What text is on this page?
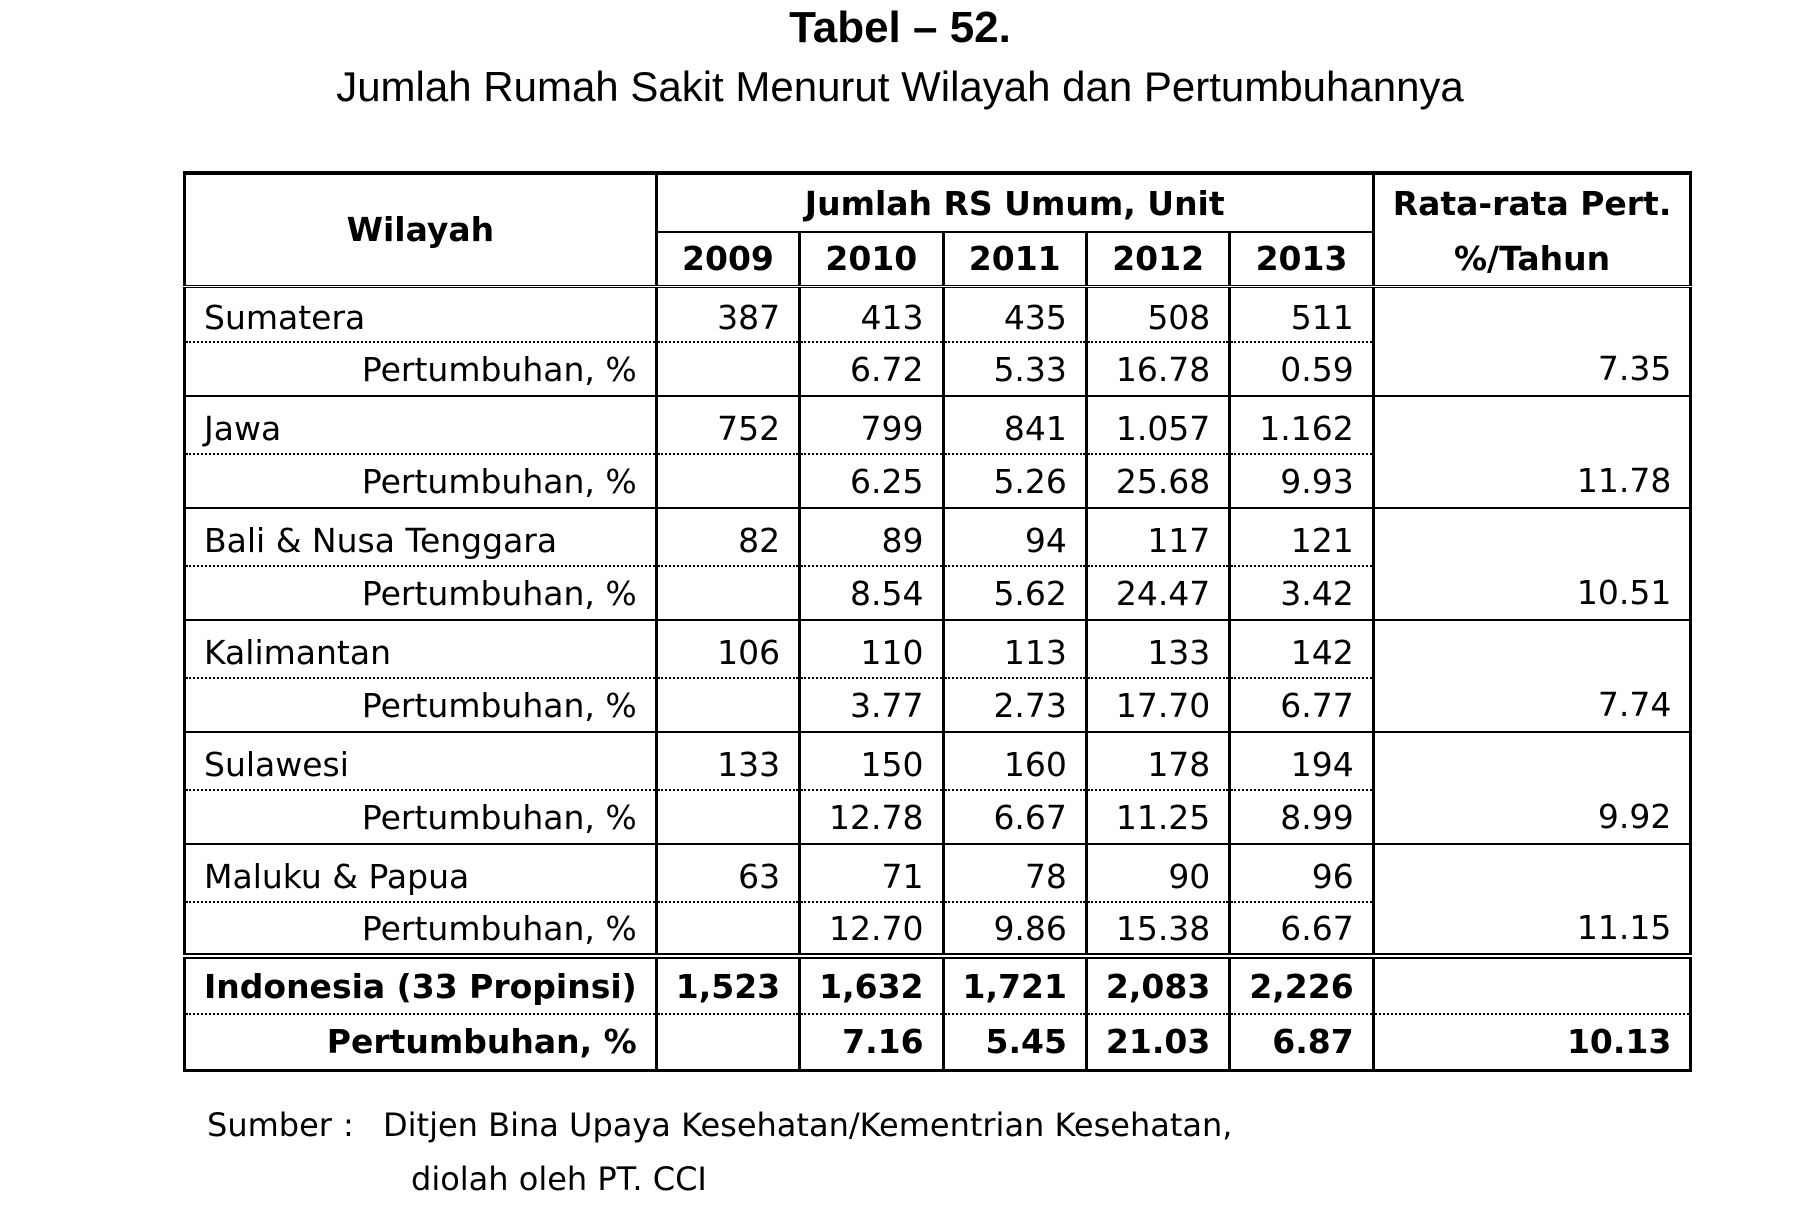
Tabel – 52.
Jumlah Rumah Sakit Menurut Wilayah dan Pertumbuhannya
Wilayah	Jumlah RS Umum, Unit					Rata-rata Pert.
	2009	2010	2011	2012	2013	%/Tahun
Sumatera	387	413	435	508	511	
Pertumbuhan, %		6.72	5.33	16.78	0.59	7.35
Jawa	752	799	841	1.057	1.162	
Pertumbuhan, %		6.25	5.26	25.68	9.93	11.78
Bali & Nusa Tenggara	82	89	94	117	121	
Pertumbuhan, %		8.54	5.62	24.47	3.42	10.51
Kalimantan	106	110	113	133	142	
Pertumbuhan, %		3.77	2.73	17.70	6.77	7.74
Sulawesi	133	150	160	178	194	
Pertumbuhan, %		12.78	6.67	11.25	8.99	9.92
Maluku & Papua	63	71	78	90	96	
Pertumbuhan, %		12.70	9.86	15.38	6.67	11.15
Indonesia (33 Propinsi)	1,523	1,632	1,721	2,083	2,226	
Pertumbuhan, %		7.16	5.45	21.03	6.87	10.13
Sumber : Ditjen Bina Upaya Kesehatan/Kementrian Kesehatan,
diolah oleh PT. CCI
